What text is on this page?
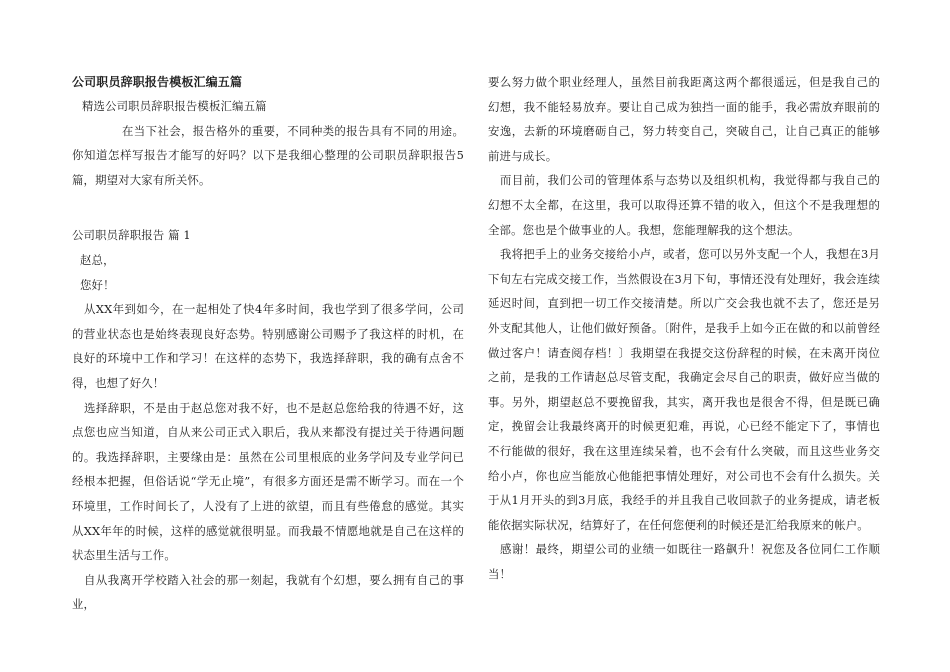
公司职员辞职报告模板汇编五篇

精选公司职员辞职报告模板汇编五篇

在当下社会，报告格外的重要，不同种类的报告具有不同的用途。你知道怎样写报告才能写的好吗？以下是我细心整理的公司职员辞职报告5篇，期望对大家有所关怀。

公司职员辞职报告 篇 1

赵总，

您好！

从XX年到如今，在一起相处了快4年多时间，我也学到了很多学问，公司的营业状态也是始终表现良好态势。特别感谢公司赐予了我这样的时机，在良好的环境中工作和学习！在这样的态势下，我选择辞职，我的确有点舍不得，也想了好久！

选择辞职，不是由于赵总您对我不好，也不是赵总您给我的待遇不好，这点您也应当知道，自从来公司正式入职后，我从来都没有提过关于待遇问题的。我选择辞职，主要缘由是：虽然在公司里根底的业务学问及专业学问已经根本把握，但俗话说“学无止境”，有很多方面还是需不断学习。而在一个环境里，工作时间长了，人没有了上进的欲望，而且有些倦怠的感觉。其实从XX年年的时候，这样的感觉就很明显。而我最不情愿地就是自己在这样的状态里生活与工作。

自从我离开学校踏入社会的那一刻起，我就有个幻想，要么拥有自己的事业，

要么努力做个职业经理人，虽然目前我距离这两个都很遥远，但是我自己的幻想，我不能轻易放弃。要让自己成为独挡一面的能手，我必需放弃眼前的安逸，去新的环境磨砺自己，努力转变自己，突破自己，让自己真正的能够前进与成长。

而目前，我们公司的管理体系与态势以及组织机构，我觉得都与我自己的幻想不太全都，在这里，我可以取得还算不错的收入，但这个不是我理想的全部。您也是个做事业的人。我想，您能理解我的这个想法。

我将把手上的业务交接给小卢，或者，您可以另外支配一个人，我想在3月下旬左右完成交接工作，当然假设在3月下旬，事情还没有处理好，我会连续延迟时间，直到把一切工作交接清楚。所以广交会我也就不去了，您还是另外支配其他人，让他们做好预备。〔附件，是我手上如今正在做的和以前曾经做过客户！请查阅存档！〕我期望在我提交这份辞程的时候，在未离开岗位之前，是我的工作请赵总尽管支配，我确定会尽自己的职责，做好应当做的事。另外，期望赵总不要挽留我，其实，离开我也是很舍不得，但是既已确定，挽留会让我最终离开的时候更犯难，再说，心已经不能定下了，事情也不行能做的很好，我在这里连续呆着，也不会有什么突破，而且这些业务交给小卢，你也应当能放心他能把事情处理好，对公司也不会有什么损失。关于从1月开头的到3月底，我经手的并且我自己收回款子的业务提成，请老板能依据实际状况，结算好了，在任何您便利的时候还是汇给我原来的帐户。

感谢！最终，期望公司的业绩一如既往一路飙升！祝您及各位同仁工作顺当！
